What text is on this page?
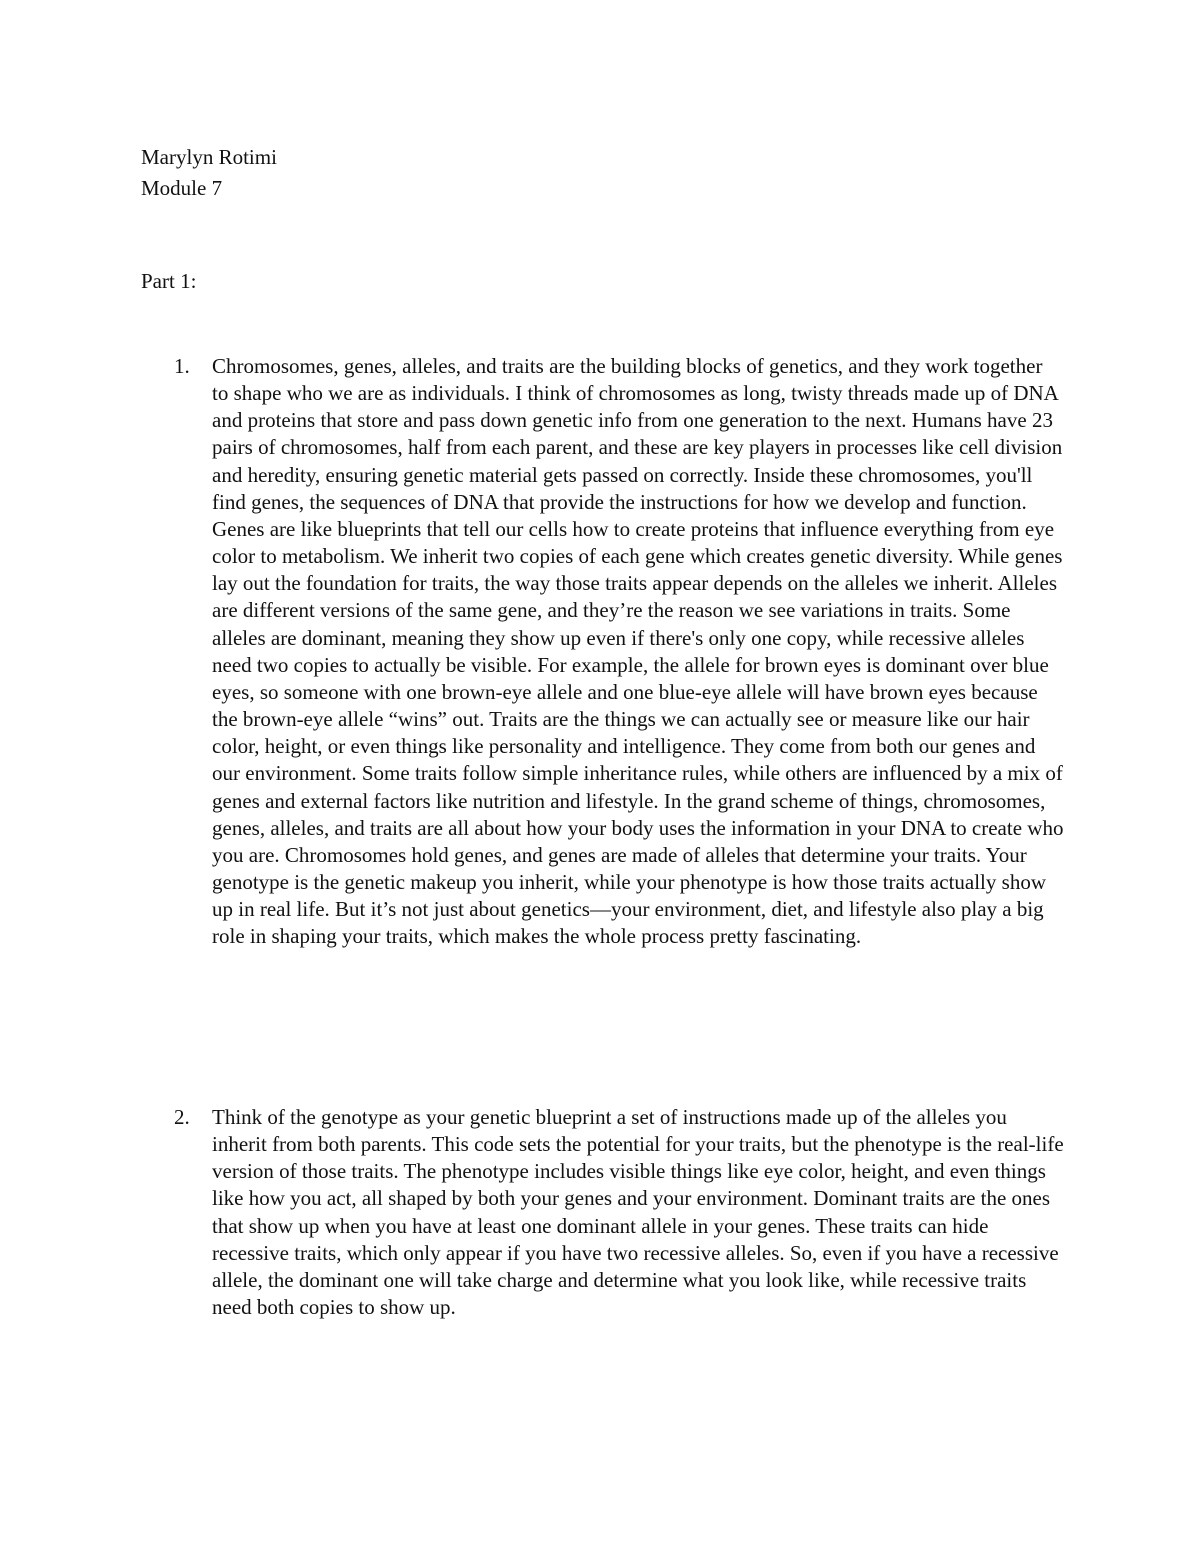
Marylyn Rotimi
Module 7
Part 1:
1. Chromosomes, genes, alleles, and traits are the building blocks of genetics, and they work together to shape who we are as individuals. I think of chromosomes as long, twisty threads made up of DNA and proteins that store and pass down genetic info from one generation to the next. Humans have 23 pairs of chromosomes, half from each parent, and these are key players in processes like cell division and heredity, ensuring genetic material gets passed on correctly. Inside these chromosomes, you'll find genes, the sequences of DNA that provide the instructions for how we develop and function. Genes are like blueprints that tell our cells how to create proteins that influence everything from eye color to metabolism. We inherit two copies of each gene which creates genetic diversity. While genes lay out the foundation for traits, the way those traits appear depends on the alleles we inherit. Alleles are different versions of the same gene, and they’re the reason we see variations in traits. Some alleles are dominant, meaning they show up even if there's only one copy, while recessive alleles need two copies to actually be visible. For example, the allele for brown eyes is dominant over blue eyes, so someone with one brown-eye allele and one blue-eye allele will have brown eyes because the brown-eye allele “wins” out. Traits are the things we can actually see or measure like our hair color, height, or even things like personality and intelligence. They come from both our genes and our environment. Some traits follow simple inheritance rules, while others are influenced by a mix of genes and external factors like nutrition and lifestyle. In the grand scheme of things, chromosomes, genes, alleles, and traits are all about how your body uses the information in your DNA to create who you are. Chromosomes hold genes, and genes are made of alleles that determine your traits. Your genotype is the genetic makeup you inherit, while your phenotype is how those traits actually show up in real life. But it’s not just about genetics—your environment, diet, and lifestyle also play a big role in shaping your traits, which makes the whole process pretty fascinating.

2. Think of the genotype as your genetic blueprint a set of instructions made up of the alleles you inherit from both parents. This code sets the potential for your traits, but the phenotype is the real-life version of those traits. The phenotype includes visible things like eye color, height, and even things like how you act, all shaped by both your genes and your environment. Dominant traits are the ones that show up when you have at least one dominant allele in your genes. These traits can hide recessive traits, which only appear if you have two recessive alleles. So, even if you have a recessive allele, the dominant one will take charge and determine what you look like, while recessive traits need both copies to show up.
